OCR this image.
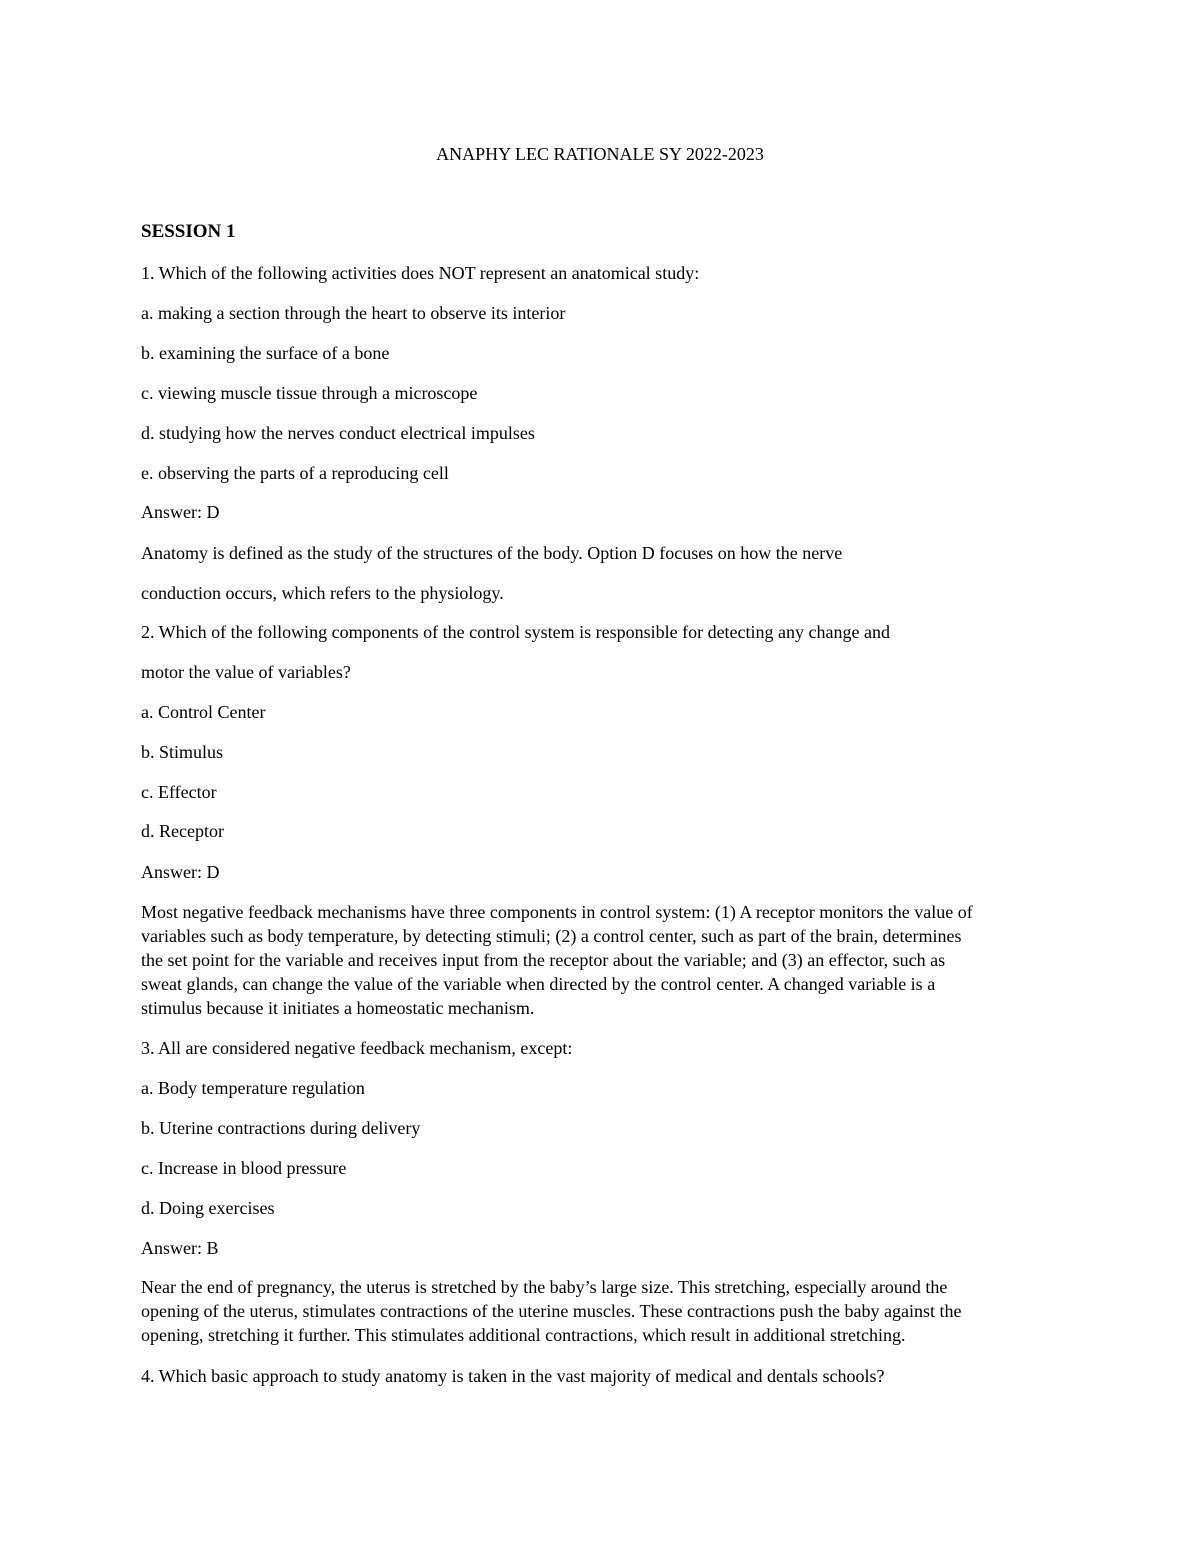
ANAPHY LEC RATIONALE SY 2022-2023
SESSION 1
1. Which of the following activities does NOT represent an anatomical study:
a. making a section through the heart to observe its interior
b. examining the surface of a bone
c. viewing muscle tissue through a microscope
d. studying how the nerves conduct electrical impulses
e. observing the parts of a reproducing cell
Answer: D
Anatomy is defined as the study of the structures of the body. Option D focuses on how the nerve
conduction occurs, which refers to the physiology.
2. Which of the following components of the control system is responsible for detecting any change and
motor the value of variables?
a. Control Center
b. Stimulus
c. Effector
d. Receptor
Answer: D
Most negative feedback mechanisms have three components in control system: (1) A receptor monitors the value of
variables such as body temperature, by detecting stimuli; (2) a control center, such as part of the brain, determines
the set point for the variable and receives input from the receptor about the variable; and (3) an effector, such as
sweat glands, can change the value of the variable when directed by the control center. A changed variable is a
stimulus because it initiates a homeostatic mechanism.
3. All are considered negative feedback mechanism, except:
a. Body temperature regulation
b. Uterine contractions during delivery
c. Increase in blood pressure
d. Doing exercises
Answer: B
Near the end of pregnancy, the uterus is stretched by the baby’s large size. This stretching, especially around the
opening of the uterus, stimulates contractions of the uterine muscles. These contractions push the baby against the
opening, stretching it further. This stimulates additional contractions, which result in additional stretching.
4. Which basic approach to study anatomy is taken in the vast majority of medical and dentals schools?
